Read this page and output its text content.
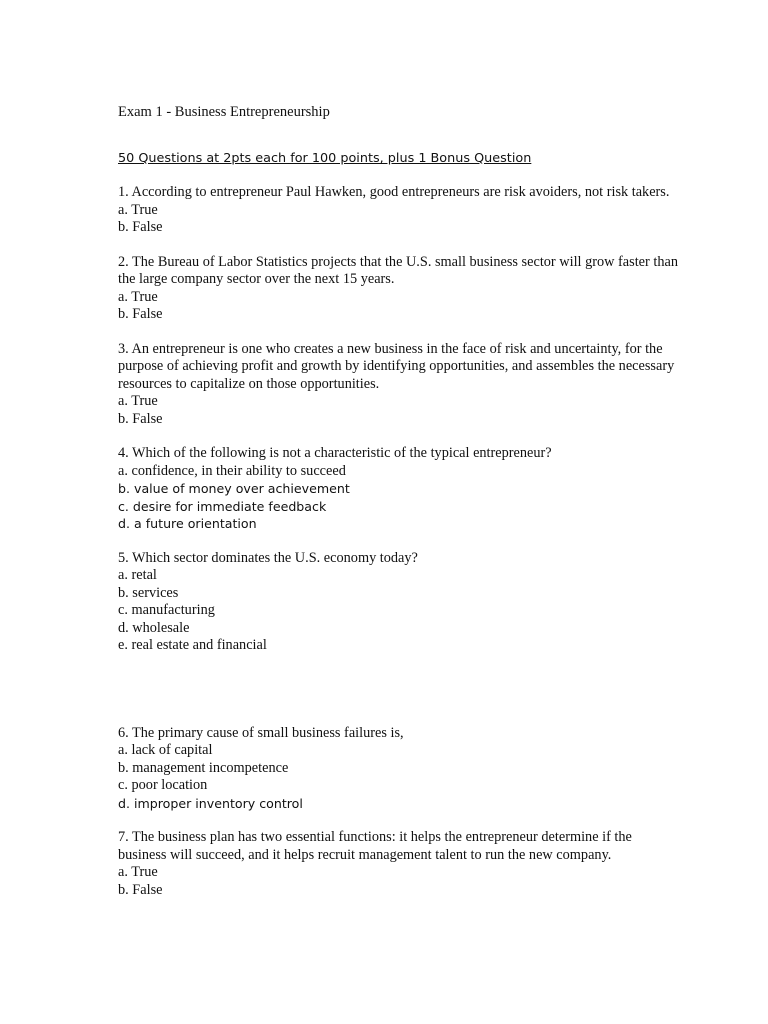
Exam 1 - Business Entrepreneurship
50 Questions at 2pts each for 100 points, plus 1 Bonus Question
1. According to entrepreneur Paul Hawken, good entrepreneurs are risk avoiders, not risk takers.
a. True
b. False
2. The Bureau of Labor Statistics projects that the U.S. small business sector will grow faster than the large company sector over the next 15 years.
a. True
b. False
3. An entrepreneur is one who creates a new business in the face of risk and uncertainty, for the purpose of achieving profit and growth by identifying opportunities, and assembles the necessary resources to capitalize on those opportunities.
a. True
b. False
4. Which of the following is not a characteristic of the typical entrepreneur?
a. confidence, in their ability to succeed
b. value of money over achievement
c. desire for immediate feedback
d. a future orientation
5. Which sector dominates the U.S. economy today?
a. retal
b. services
c. manufacturing
d. wholesale
e. real estate and financial
6. The primary cause of small business failures is,
a. lack of capital
b. management incompetence
c. poor location
d. improper inventory control
7. The business plan has two essential functions: it helps the entrepreneur determine if the business will succeed, and it helps recruit management talent to run the new company.
a. True
b. False
